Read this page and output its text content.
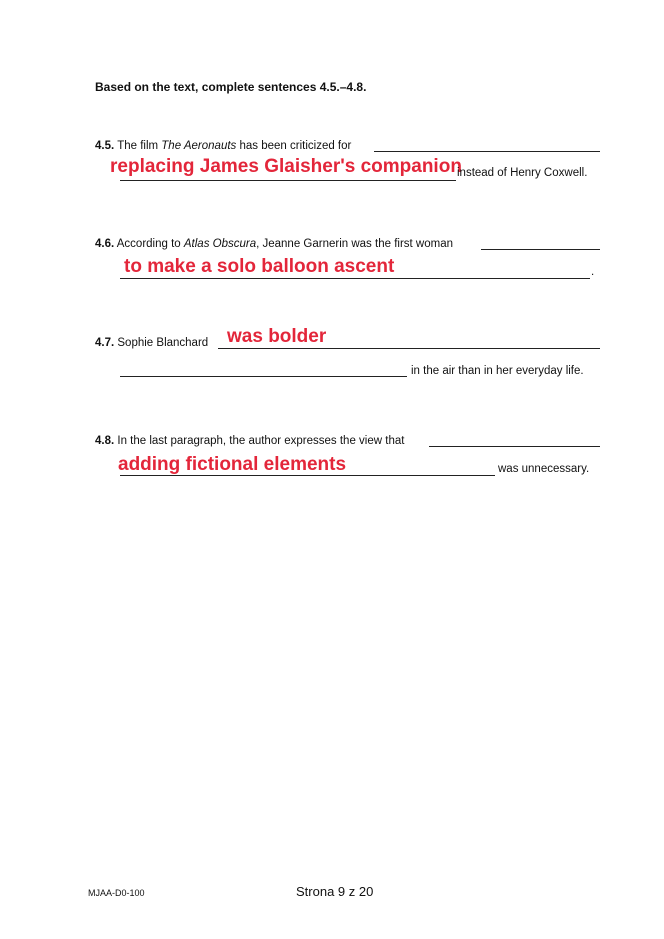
Based on the text, complete sentences 4.5.–4.8.
4.5. The film The Aeronauts has been criticized for
replacing James Glaisher's companion
instead of Henry Coxwell.
4.6. According to Atlas Obscura, Jeanne Garnerin was the first woman
to make a solo balloon ascent	.
4.7. Sophie Blanchard was bolder
in the air than in her everyday life.
4.8. In the last paragraph, the author expresses the view that
adding fictional elements	was unnecessary.
MJAA-D0-100	Strona 9 z 20
